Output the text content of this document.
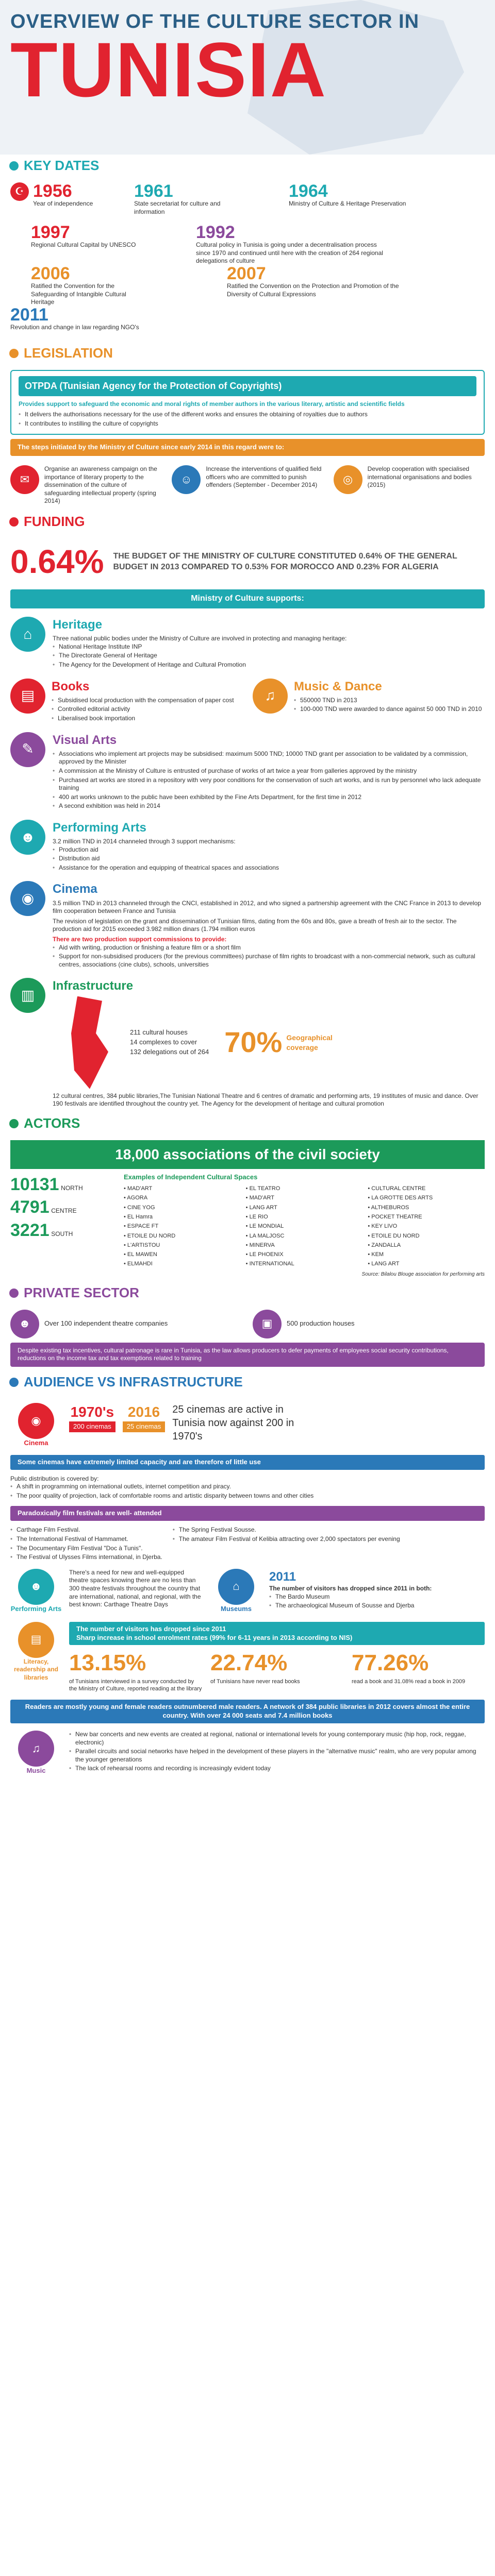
OVERVIEW OF THE CULTURE SECTOR IN
TUNISIA
KEY DATES
☪ 1956
Year of independence
1961
State secretariat for culture and information
1964
Ministry of Culture & Heritage Preservation
1997
Regional Cultural Capital by UNESCO
1992
Cultural policy in Tunisia is going under a decentralisation process since 1970 and continued until here with the creation of 264 regional delegations of culture
2006
Ratified the Convention for the Safeguarding of Intangible Cultural Heritage
2007
Ratified the Convention on the Protection and Promotion of the Diversity of Cultural Expressions
2011
Revolution and change in law regarding NGO's
LEGISLATION
OTPDA (Tunisian Agency for the Protection of Copyrights)

Provides support to safeguard the economic and moral rights of member authors in the various literary, artistic and scientific fields

• It delivers the authorisations necessary for the use of the different works and ensures the obtaining of royalties due to authors
• It contributes to instilling the culture of copyrights
The steps initiated by the Ministry of Culture since early 2014 in this regard were to:
✉

Organise an awareness campaign on the importance of literary property to the dissemination of the culture of safeguarding intellectual property (spring 2014)

☺

Increase the interventions of qualified field officers who are committed to punish offenders (September - December 2014)	◎

Develop cooperation with specialised international organisations and bodies (2015)

FUNDING
0.64% THE BUDGET OF THE MINISTRY OF CULTURE CONSTITUTED 0.64% OF THE GENERAL BUDGET IN 2013 COMPARED TO 0.53% FOR MOROCCO AND 0.23% FOR ALGERIA

Ministry of Culture supports:
⌂
Heritage

Three national public bodies under the Ministry of Culture are involved in protecting and managing heritage:

• National Heritage Institute INP
• The Directorate General of Heritage
• The Agency for the Development of Heritage and Cultural Promotion
▤
Books
• Subsidised local production with the compensation of paper cost
• Controlled editorial activity
• Liberalised book importation
♫
Music & Dance
• 550000 TND in 2013
• 100-000 TND were awarded to dance against 50 000 TND in 2010
✎
Visual Arts
• Associations who implement art projects may be subsidised: maximum 5000 TND; 10000 TND grant per association to be validated by a commission, approved by the Minister
• A commission at the Ministry of Culture is entrusted of purchase of works of art twice a year from galleries approved by the ministry
• Purchased art works are stored in a repository with very poor conditions for the conservation of such art works, and is run by personnel who lack adequate training
• 400 art works unknown to the public have been exhibited by the Fine Arts Department, for the first time in 2012
• A second exhibition was held in 2014
☻
Performing Arts

3.2 million TND in 2014 channeled through 3 support mechanisms:

• Production aid
• Distribution aid
• Assistance for the operation and equipping of theatrical spaces and associations
◉
Cinema

3.5 million TND in 2013 channeled through the CNCI, established in 2012, and who signed a partnership agreement with the CNC France in 2013 to develop film cooperation between France and Tunisia

The revision of legislation on the grant and dissemination of Tunisian films, dating from the 60s and 80s, gave a breath of fresh air to the sector. The production aid for 2015 exceeded 3.982 million dinars (1.794 million euros

There are two production support commissions to provide:

• Aid with writing, production or finishing a feature film or a short film
• Support for non-subsidised producers (for the previous committees) purchase of film rights to broadcast with a non-commercial network, such as cultural centres, associations (cine clubs), schools, universities
▥
Infrastructure

211 cultural houses

14 complexes to cover

132 delegations out of 264 70% Geographical coverage

12 cultural centres, 384 public libraries,The Tunisian National Theatre and 6 centres of dramatic and performing arts, 19 institutes of music and dance. Over 190 festivals are identified throughout the country yet. The Agency for the development of heritage and cultural promotion

ACTORS
18,000 associations of the civil society
10131 NORTH
4791 CENTRE
3221 SOUTH

Examples of Independent Cultural Spaces

• MAD'ART	• EL TEATRO	• CULTURAL CENTRE
• AGORA	• MAD'ART	• LA GROTTE DES ARTS
• CINE YOG	• LANG ART	• ALTHEBUROS
• EL Hamra	• LE RIO	• POCKET THEATRE
• ESPACE FT	• LE MONDIAL	• KEY LIVO
• ETOILE DU NORD	• LA MALJOSC	• ETOILE DU NORD
• L'ARTISTOU	• MINERVA	• ZANDALLA
• EL MAWEN	• LE PHOENIX	• KEM
• ELMAHDI	• INTERNATIONAL	• LANG ART

Source: Bilalou Blouge association for performing arts

PRIVATE SECTOR
☻	Over 100 independent theatre companies	▣	500 production houses
Despite existing tax incentives, cultural patronage is rare in Tunisia, as the law allows producers to defer payments of employees social security contributions, reductions on the income tax and tax exemptions related to training
AUDIENCE VS INFRASTRUCTURE
◉

Cinema

1970's
200 cinemas
2016
25 cinemas

25 cinemas are active in Tunisia now against 200 in 1970's

Some cinemas have extremely limited capacity and are therefore of little use

Public distribution is covered by:

• A shift in programming on international outlets, internet competition and piracy.
• The poor quality of projection, lack of comfortable rooms and artistic disparity between towns and other cities
Paradoxically film festivals are well- attended
• Carthage Film Festival.
• The International Festival of Hammamet.
• The Documentary Film Festival "Doc à Tunis".
• The Festival of Ulysses Films international, in Djerba.
• The Spring Festival Sousse.
• The amateur Film Festival of Kelibia attracting over 2,000 spectators per evening
☻

Performing Arts

There's a need for new and well-equipped theatre spaces knowing there are no less than 300 theatre festivals throughout the country that are international, national, and regional, with the best known: Carthage Theatre Days

⌂

Museums

2011

The number of visitors has dropped since 2011 in both:

• The Bardo Museum
• The archaeological Museum of Sousse and Djerba
▤

Literacy, readership and libraries

The number of visitors has dropped since 2011
Sharp increase in school enrolment rates (99% for 6-11 years in 2013 according to NIS)
13.15%

of Tunisians interviewed in a survey conducted by the Ministry of Culture, reported reading at the library

22.74%

of Tunisians have never read books

77.26%

read a book and 31.08% read a book in 2009

Readers are mostly young and female readers outnumbered male readers. A network of 384 public libraries in 2012 covers almost the entire country. With over 24 000 seats and 7.4 million books
♫

Music

• New bar concerts and new events are created at regional, national or international levels for young contemporary music (hip hop, rock, reggae, electronic)
• Parallel circuits and social networks have helped in the development of these players in the "alternative music" realm, who are very popular among the younger generations
• The lack of rehearsal rooms and recording is increasingly evident today
